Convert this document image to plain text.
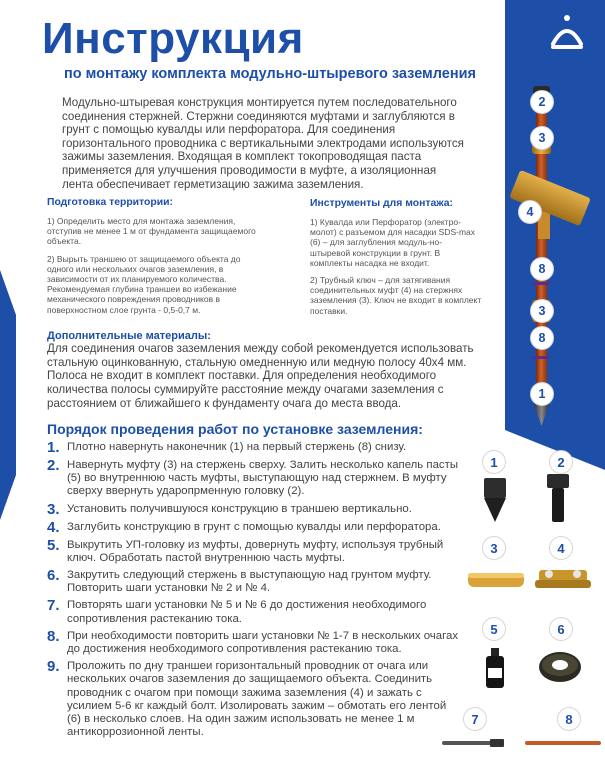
Инструкция
по монтажу комплекта модульно-штыревого заземления
Модульно-штыревая конструкция монтируется путем последовательного соединения стержней. Стержни соединяются муфтами и заглубляются в грунт с помощью кувалды или перфоратора. Для соединения горизонтального проводника с вертикальными электродами используются зажимы заземления. Входящая в комплект токопроводящая паста применяется для улучшения проводимости в муфте, а изоляционная лента обеспечивает герметизацию зажима заземления.
Подготовка территории:

1) Определить место для монтажа заземления, отступив не менее 1 м от фундамента защищаемого объекта.

2) Вырыть траншею от защищаемого объекта до одного или нескольких очагов заземления, в зависимости от их планируемого количества. Рекомендуемая глубина траншеи во избежание механического повреждения проводников в поверхностном слое грунта - 0,5-0,7 м.

Инструменты для монтажа:

1) Кувалда или Перфоратор (электро-молот) с разъемом для насадки SDS-max (6) – для заглубления модуль-но-штыревой конструкции в грунт. В комплекты насадка не входит.

2) Трубный ключ – для затягивания соединительных муфт (4) на стержнях заземления (3). Ключ не входит в комплект поставки.

Дополнительные материалы:
Для соединения очагов заземления между собой рекомендуется использовать стальную оцинкованную, стальную омедненную или медную полосу 40х4 мм. Полоса не входит в комплект поставки. Для определения необходимого количества полосы суммируйте расстояние между очагами заземления с расстоянием от ближайшего к фундаменту очага до места ввода.
Порядок проведения работ по установке заземления:
1. Плотно навернуть наконечник (1) на первый стержень (8) снизу.
2. Навернуть муфту (3) на стержень сверху. Залить несколько капель пасты (5) во внутреннюю часть муфты, выступающую над стержнем. В муфту сверху ввернуть ударопрменную головку (2).
3. Установить получившуюся конструкцию в траншею вертикально.
4. Заглубить конструкцию в грунт с помощью кувалды или перфоратора.
5. Выкрутить УП-головку из муфты, довернуть муфту, используя трубный ключ. Обработать пастой внутреннюю часть муфты.
6. Закрутить следующий стержень в выступающую над грунтом муфту. Повторить шаги установки № 2 и № 4.
7. Повторять шаги установки № 5 и № 6 до достижения необходимого сопротивления растеканию тока.
8. При необходимости повторить шаги установки № 1-7 в нескольких очагах до достижения необходимого сопротивления растеканию тока.
9. Проложить по дну траншеи горизонтальный проводник от очага или нескольких очагов заземления до защищаемого объекта. Соединить проводник с очагом при помощи зажима заземления (4) и зажать с усилием 5-6 кг каждый болт. Изолировать зажим – обмотать его лентой (6) в несколько слоев. На один зажим использовать не менее 1 м антикоррозионной ленты.
2
3
4
8
3
8
1
1	2
3	4
5	6
7	8
